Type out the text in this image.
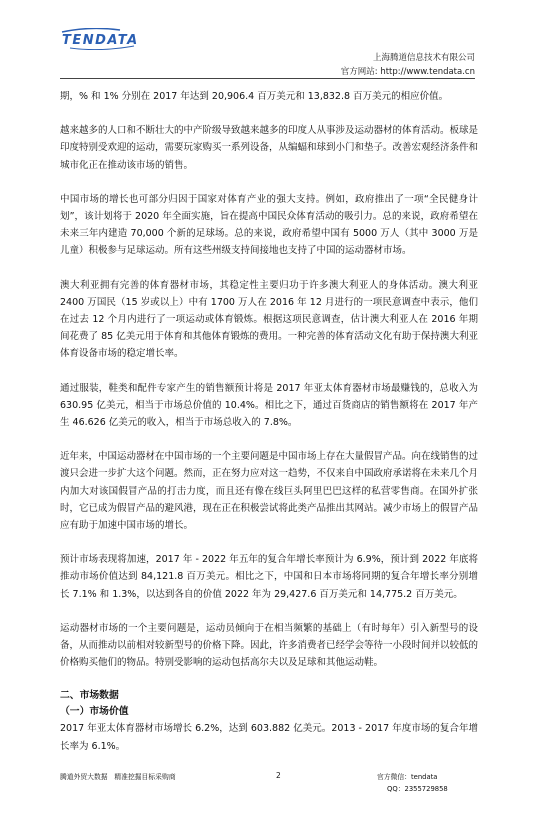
TENDATA
上海腾道信息技术有限公司
官方网站: http://www.tendata.cn

期，% 和 1% 分别在 2017 年达到 20,906.4 百万美元和 13,832.8 百万美元的相应价值。

越来越多的人口和不断壮大的中产阶级导致越来越多的印度人从事涉及运动器材的体育活动。板球是印度特别受欢迎的运动，需要玩家购买一系列设备，从编蝠和球到小门和垫子。改善宏观经济条件和城市化正在推动该市场的销售。

中国市场的增长也可部分归因于国家对体育产业的强大支持。例如，政府推出了一项“全民健身计划”，该计划将于 2020 年全面实施，旨在提高中国民众体育活动的吸引力。总的来说，政府希望在未来三年内建造 70,000 个新的足球场。总的来说，政府希望中国有 5000 万人（其中 3000 万是儿童）积极参与足球运动。所有这些州级支持间接地也支持了中国的运动器材市场。

澳大利亚拥有完善的体育器材市场，其稳定性主要归功于许多澳大利亚人的身体活动。澳大利亚 2400 万国民（15 岁或以上）中有 1700 万人在 2016 年 12 月进行的一项民意调查中表示，他们在过去 12 个月内进行了一项运动或体育锻炼。根据这项民意调查，估计澳大利亚人在 2016 年期间花费了 85 亿美元用于体育和其他体育锻炼的费用。一种完善的体育活动文化有助于保持澳大利亚体育设备市场的稳定增长率。

通过服装，鞋类和配件专家产生的销售额预计将是 2017 年亚太体育器材市场最赚钱的，总收入为 630.95 亿美元，相当于市场总价值的 10.4%。相比之下，通过百货商店的销售额将在 2017 年产生 46.626 亿美元的收入，相当于市场总收入的 7.8%。

近年来，中国运动器材在中国市场的一个主要问题是中国市场上存在大量假冒产品。向在线销售的过渡只会进一步扩大这个问题。然而，正在努力应对这一趋势，不仅来自中国政府承诺将在未来几个月内加大对该国假冒产品的打击力度，而且还有像在线巨头阿里巴巴这样的私营零售商。在国外扩张时，它已成为假冒产品的避风港，现在正在积极尝试将此类产品推出其网站。减少市场上的假冒产品应有助于加速中国市场的增长。

预计市场表现将加速，2017 年 - 2022 年五年的复合年增长率预计为 6.9%，预计到 2022 年底将推动市场价值达到 84,121.8 百万美元。相比之下，中国和日本市场将同期的复合年增长率分别增长 7.1% 和 1.3%，以达到各自的价值 2022 年为 29,427.6 百万美元和 14,775.2 百万美元。

运动器材市场的一个主要问题是，运动员倾向于在相当频繁的基础上（有时每年）引入新型号的设备，从而推动以前相对较新型号的价格下降。因此，许多消费者已经学会等待一小段时间并以较低的价格购买他们的物品。特别受影响的运动包括高尔夫以及足球和其他运动鞋。

二、市场数据

（一）市场价值

2017 年亚太体育器材市场增长 6.2%，达到 603.882 亿美元。2013 - 2017 年度市场的复合年增长率为 6.1%。

腾道外贸大数据　精准挖掘目标采购商	2	官方微信：tendata
QQ：2355729858
